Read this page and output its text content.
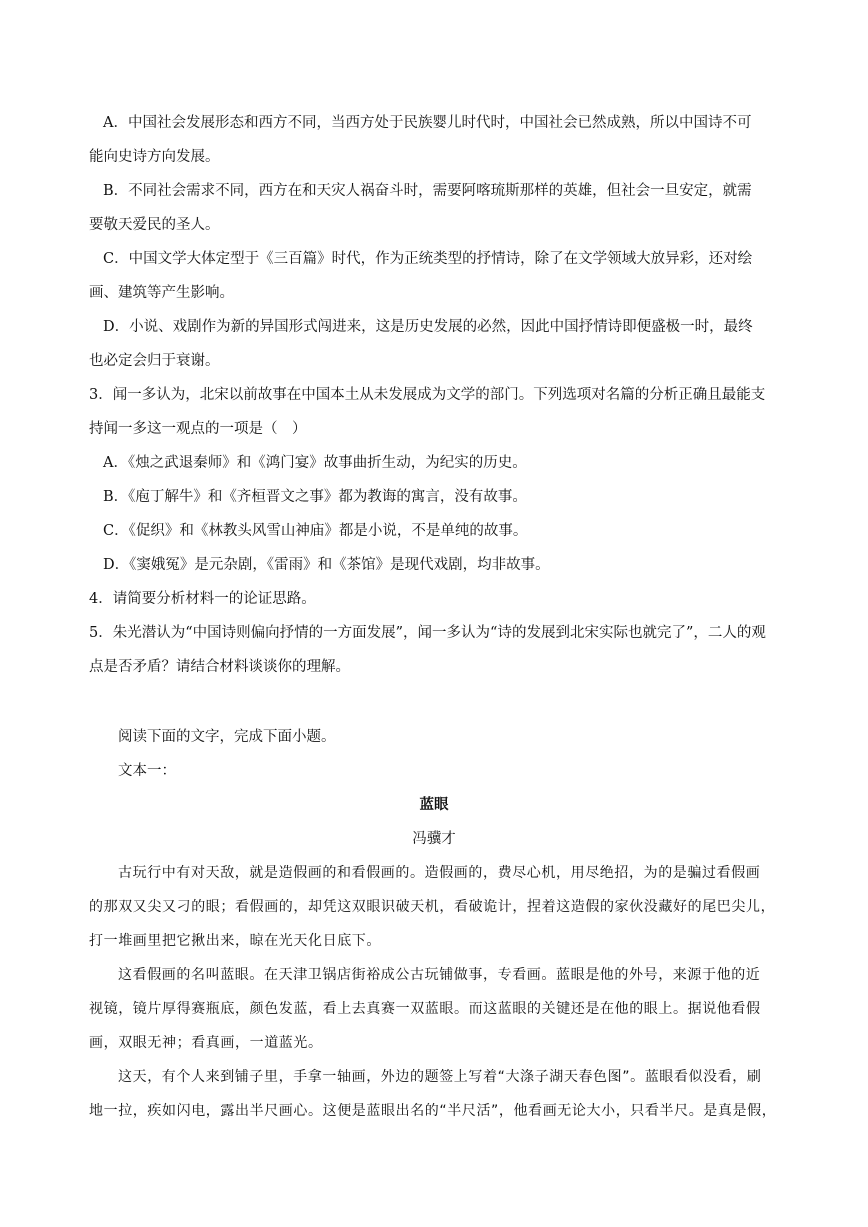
A．中国社会发展形态和西方不同，当西方处于民族婴儿时代时，中国社会已然成熟，所以中国诗不可
能向史诗方向发展。
B．不同社会需求不同，西方在和天灾人祸奋斗时，需要阿喀琉斯那样的英雄，但社会一旦安定，就需
要敬天爱民的圣人。
C．中国文学大体定型于《三百篇》时代，作为正统类型的抒情诗，除了在文学领域大放异彩，还对绘
画、建筑等产生影响。
D．小说、戏剧作为新的异国形式闯进来，这是历史发展的必然，因此中国抒情诗即便盛极一时，最终
也必定会归于衰谢。
3．闻一多认为，北宋以前故事在中国本土从未发展成为文学的部门。下列选项对名篇的分析正确且最能支
持闻一多这一观点的一项是（　）
A．《烛之武退秦师》和《鸿门宴》故事曲折生动，为纪实的历史。
B．《庖丁解牛》和《齐桓晋文之事》都为教诲的寓言，没有故事。
C．《促织》和《林教头风雪山神庙》都是小说，不是单纯的故事。
D．《窦娥冤》是元杂剧，《雷雨》和《茶馆》是现代戏剧，均非故事。
4．请简要分析材料一的论证思路。
5．朱光潜认为“中国诗则偏向抒情的一方面发展”，闻一多认为“诗的发展到北宋实际也就完了”，二人的观
点是否矛盾？请结合材料谈谈你的理解。
阅读下面的文字，完成下面小题。
文本一：
蓝眼
冯骥才
古玩行中有对天敌，就是造假画的和看假画的。造假画的，费尽心机，用尽绝招，为的是骗过看假画
的那双又尖又刁的眼；看假画的，却凭这双眼识破天机，看破诡计，捏着这造假的家伙没藏好的尾巴尖儿，
打一堆画里把它揪出来，晾在光天化日底下。
这看假画的名叫蓝眼。在天津卫锅店街裕成公古玩铺做事，专看画。蓝眼是他的外号，来源于他的近
视镜，镜片厚得赛瓶底，颜色发蓝，看上去真赛一双蓝眼。而这蓝眼的关键还是在他的眼上。据说他看假
画，双眼无神；看真画，一道蓝光。
这天，有个人来到铺子里，手拿一轴画，外边的题签上写着“大涤子湖天春色图”。蓝眼看似没看，刷
地一拉，疾如闪电，露出半尺画心。这便是蓝眼出名的“半尺活”，他看画无论大小，只看半尺。是真是假，
